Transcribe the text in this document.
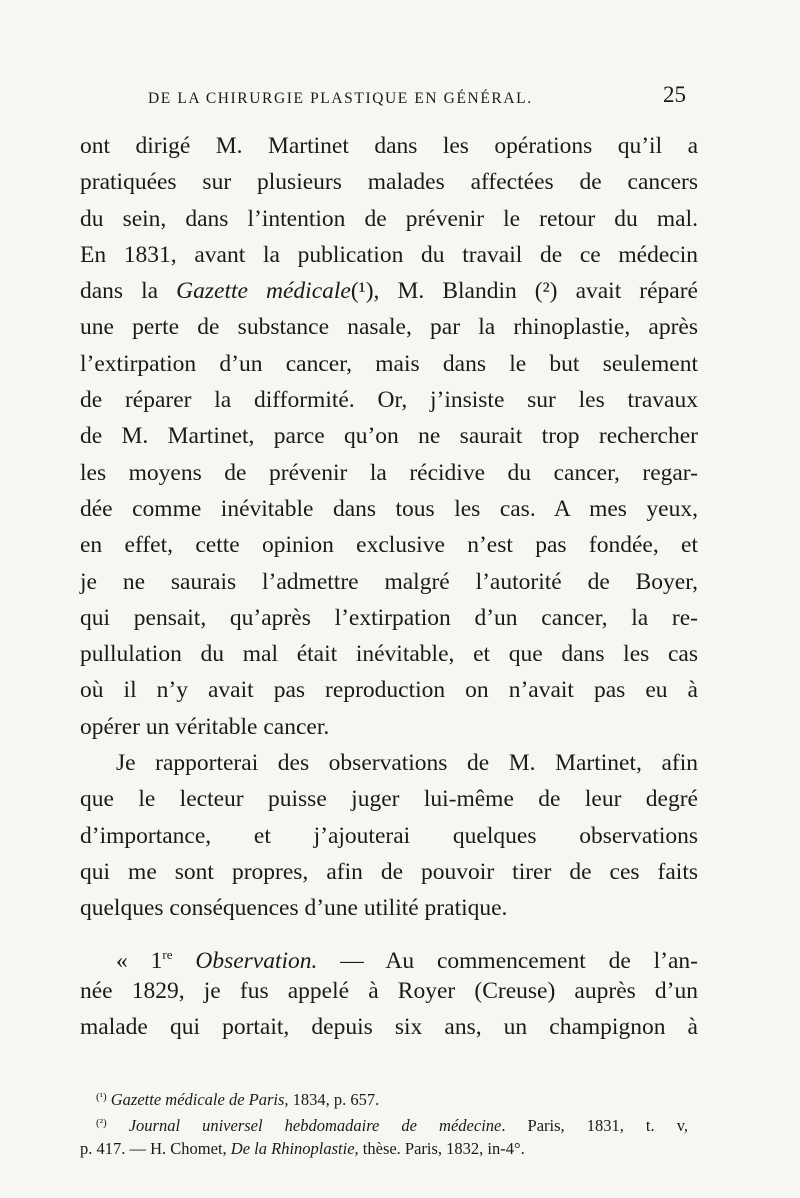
DE LA CHIRURGIE PLASTIQUE EN GÉNÉRAL.	25
ont dirigé M. Martinet dans les opérations qu’il a
pratiquées sur plusieurs malades affectées de cancers
du sein, dans l’intention de prévenir le retour du mal.
En 1831, avant la publication du travail de ce médecin
dans la Gazette médicale(¹), M. Blandin (²) avait réparé
une perte de substance nasale, par la rhinoplastie, après
l’extirpation d’un cancer, mais dans le but seulement
de réparer la difformité. Or, j’insiste sur les travaux
de M. Martinet, parce qu’on ne saurait trop rechercher
les moyens de prévenir la récidive du cancer, regar-
dée comme inévitable dans tous les cas. A mes yeux,
en effet, cette opinion exclusive n’est pas fondée, et
je ne saurais l’admettre malgré l’autorité de Boyer,
qui pensait, qu’après l’extirpation d’un cancer, la re-
pullulation du mal était inévitable, et que dans les cas
où il n’y avait pas reproduction on n’avait pas eu à
opérer un véritable cancer.
Je rapporterai des observations de M. Martinet, afin
que le lecteur puisse juger lui-même de leur degré
d’importance, et j’ajouterai quelques observations
qui me sont propres, afin de pouvoir tirer de ces faits
quelques conséquences d’une utilité pratique.
« 1re Observation. — Au commencement de l’an-
née 1829, je fus appelé à Royer (Creuse) auprès d’un
malade qui portait, depuis six ans, un champignon à
$^{(^1)}$ Gazette médicale de Paris, 1834, p. 657.
$^{(^2)}$ Journal universel hebdomadaire de médecine. Paris, 1831, t. v,
p. 417. — H. Chomet, De la Rhinoplastie, thèse. Paris, 1832, in-4°.
